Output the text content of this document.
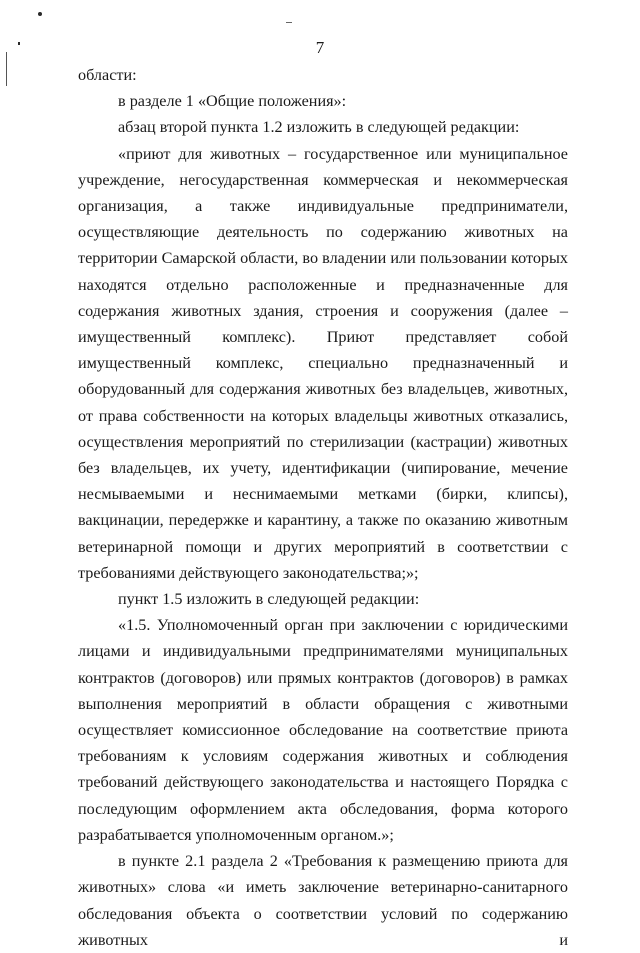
7

области:

в разделе 1 «Общие положения»:

абзац второй пункта 1.2 изложить в следующей редакции:

«приют для животных – государственное или муниципальное учреждение, негосударственная коммерческая и некоммерческая организация, а также индивидуальные предприниматели, осуществляющие деятельность по содержанию животных на территории Самарской области, во владении или пользовании которых находятся отдельно расположенные и предназначенные для содержания животных здания, строения и сооружения (далее – имущественный комплекс). Приют представляет собой имущественный комплекс, специально предназначенный и оборудованный для содержания животных без владельцев, животных, от права собственности на которых владельцы животных отказались, осуществления мероприятий по стерилизации (кастрации) животных без владельцев, их учету, идентификации (чипирование, мечение несмываемыми и неснимаемыми метками (бирки, клипсы), вакцинации, передержке и карантину, а также по оказанию животным ветеринарной помощи и других мероприятий в соответствии с требованиями действующего законодательства;»;

пункт 1.5 изложить в следующей редакции:

«1.5. Уполномоченный орган при заключении с юридическими лицами и индивидуальными предпринимателями муниципальных контрактов (договоров) или прямых контрактов (договоров) в рамках выполнения мероприятий в области обращения с животными осуществляет комиссионное обследование на соответствие приюта требованиям к условиям содержания животных и соблюдения требований действующего законодательства и настоящего Порядка с последующим оформлением акта обследования, форма которого разрабатывается уполномоченным органом.»;

в пункте 2.1 раздела 2 «Требования к размещению приюта для животных» слова «и иметь заключение ветеринарно-санитарного обследования объекта о соответствии условий по содержанию животных и
